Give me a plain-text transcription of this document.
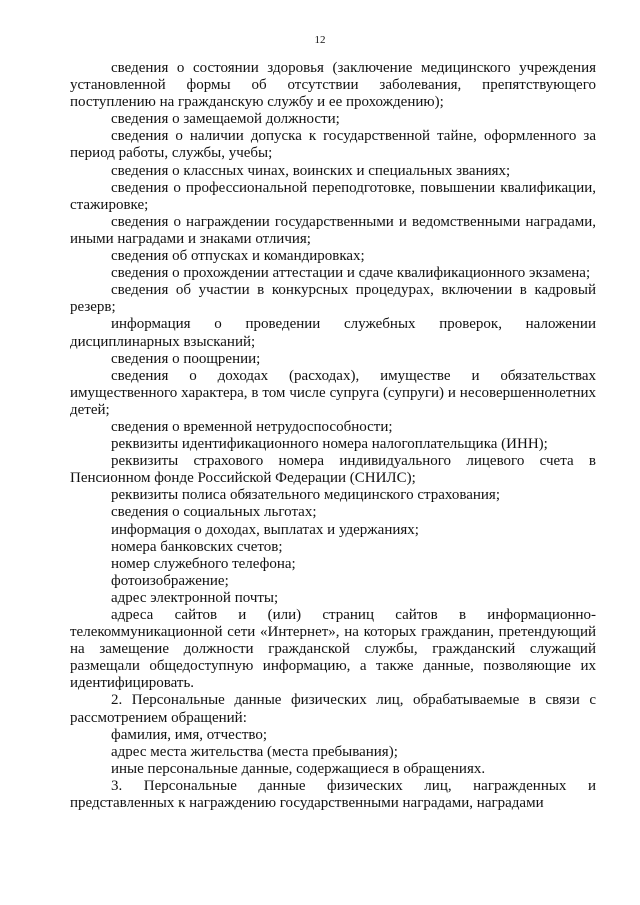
12

сведения о состоянии здоровья (заключение медицинского учреждения установленной формы об отсутствии заболевания, препятствующего поступлению на гражданскую службу и ее прохождению);

сведения о замещаемой должности;

сведения о наличии допуска к государственной тайне, оформленного за период работы, службы, учебы;

сведения о классных чинах, воинских и специальных званиях;

сведения о профессиональной переподготовке, повышении квалификации, стажировке;

сведения о награждении государственными и ведомственными наградами, иными наградами и знаками отличия;

сведения об отпусках и командировках;

сведения о прохождении аттестации и сдаче квалификационного экзамена;

сведения об участии в конкурсных процедурах, включении в кадровый резерв;

информация о проведении служебных проверок, наложении дисциплинарных взысканий;

сведения о поощрении;

сведения о доходах (расходах), имуществе и обязательствах имущественного характера, в том числе супруга (супруги) и несовершеннолетних детей;

сведения о временной нетрудоспособности;

реквизиты идентификационного номера налогоплательщика (ИНН);

реквизиты страхового номера индивидуального лицевого счета в Пенсионном фонде Российской Федерации (СНИЛС);

реквизиты полиса обязательного медицинского страхования;

сведения о социальных льготах;

информация о доходах, выплатах и удержаниях;

номера банковских счетов;

номер служебного телефона;

фотоизображение;

адрес электронной почты;

адреса сайтов и (или) страниц сайтов в информационно-телекоммуникационной сети «Интернет», на которых гражданин, претендующий на замещение должности гражданской службы, гражданский служащий размещали общедоступную информацию, а также данные, позволяющие их идентифицировать.

2. Персональные данные физических лиц, обрабатываемые в связи с рассмотрением обращений:

фамилия, имя, отчество;

адрес места жительства (места пребывания);

иные персональные данные, содержащиеся в обращениях.

3. Персональные данные физических лиц, награжденных и представленных к награждению государственными наградами, наградами
